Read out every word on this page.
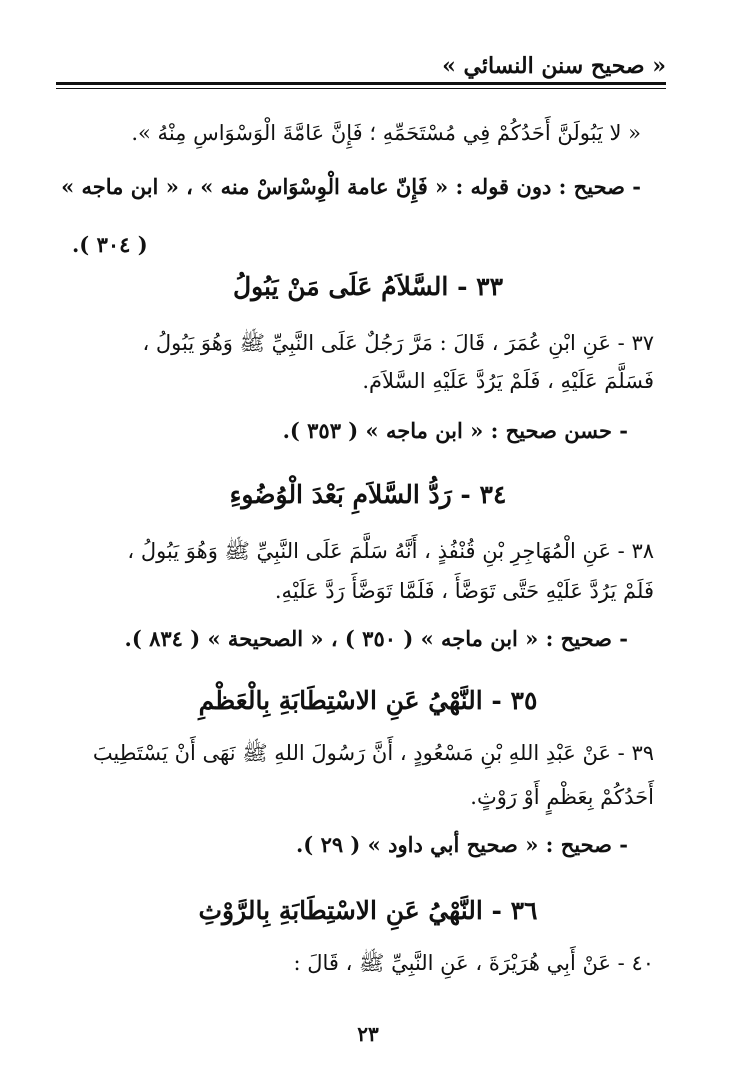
« صحيح سنن النسائي »
« لا يَبُولَنَّ أَحَدُكُمْ فِي مُسْتَحَمِّهِ ؛ فَإِنَّ عَامَّةَ الْوَسْوَاسِ مِنْهُ ».
- صحيح : دون قوله : « فَإِنّ عامة الْوِسْوَاسْ منه » ، « ابن ماجه »
( ٣٠٤ ).
٣٣ - السَّلاَمُ عَلَى مَنْ يَبُولُ
٣٧ - عَنِ ابْنِ عُمَرَ ، قَالَ : مَرَّ رَجُلٌ عَلَى النَّبِيِّ ﷺ وَهُوَ يَبُولُ ،
فَسَلَّمَ عَلَيْهِ ، فَلَمْ يَرُدَّ عَلَيْهِ السَّلاَمَ.
- حسن صحيح : « ابن ماجه » ( ٣٥٣ ).
٣٤ - رَدُّ السَّلاَمِ بَعْدَ الْوُضُوءِ
٣٨ - عَنِ الْمُهَاجِرِ بْنِ قُنْفُذٍ ، أَنَّهُ سَلَّمَ عَلَى النَّبِيِّ ﷺ وَهُوَ يَبُولُ ،
فَلَمْ يَرُدَّ عَلَيْهِ حَتَّى تَوَضَّأَ ، فَلَمَّا تَوَضَّأَ رَدَّ عَلَيْهِ.
- صحيح : « ابن ماجه » ( ٣٥٠ ) ، « الصحيحة » ( ٨٣٤ ).
٣٥ - النَّهْيُ عَنِ الاسْتِطَابَةِ بِالْعَظْمِ
٣٩ - عَنْ عَبْدِ اللهِ بْنِ مَسْعُودٍ ، أَنَّ رَسُولَ اللهِ ﷺ نَهَى أَنْ يَسْتَطِيبَ
أَحَدُكُمْ بِعَظْمٍ أَوْ رَوْثٍ.
- صحيح : « صحيح أبي داود » ( ٢٩ ).
٣٦ - النَّهْيُ عَنِ الاسْتِطَابَةِ بِالرَّوْثِ
٤٠ - عَنْ أَبِي هُرَيْرَةَ ، عَنِ النَّبِيِّ ﷺ ، قَالَ :
٢٣
